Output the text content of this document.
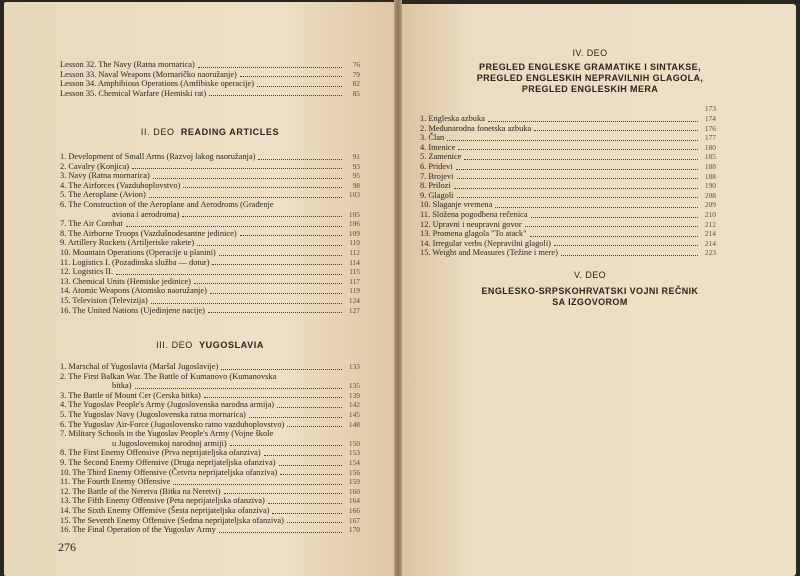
Lesson 32. The Navy (Ratna mornarica)	76
Lesson 33. Naval Weapons (Mornaričko naoružanje)	79
Lesson 34. Amphibious Operations (Amfibiske operacije)	82
Lesson 35. Chemical Warfare (Hemiski rat)	85
II. DEO READING ARTICLES
1. Development of Small Arms (Razvoj lakog naoružanja)	91
2. Cavalry (Konjica)	93
3. Navy (Ratna mornarica)	95
4. The Airforces (Vazduhoplovstvo)	98
5. The Aeroplane (Avion)	103
6. The Construction of the Aeroplane and Aerodroms (Građenje
aviona i aerodroma)	105
7. The Air Combat	106
8. The Airborne Troops (Vazdušnodesantne jedinice)	109
9. Artillery Rockets (Artiljeriske rakete)	110
10. Mountain Operations (Operacije u planini)	112
11. Logistics I. (Pozadinska služba — dotur)	114
12. Logistics II.	115
13. Chemical Units (Hemiske jedinice)	117
14. Atomic Weapons (Atomsko naoružanje)	119
15. Television (Televizija)	124
16. The United Nations (Ujedinjene nacije)	127
III. DEO YUGOSLAVIA
1. Marschal of Yugoslavia (Maršal Jugoslavije)	133
2. The First Balkan War. The Battle of Kumanovo (Kumanovska
bitka)	135
3. The Battle of Mount Cer (Cerska bitka)	139
4. The Yugoslav People's Army (Jugoslovenska narodna armija)	142
5. The Yugoslav Navy (Jugoslovenska ratna mornarica)	145
6. The Yugoslav Air-Force (Jugoslovensko ratno vazduhoplovstvo)	148
7. Military Schools in the Yugoslav People's Army (Vojne škole
u Jugoslovenskoj narodnoj armiji)	150
8. The First Enemy Offensive (Prva neprijateljska ofanziva)	153
9. The Second Enemy Offensive (Druga neprijateljska ofanziva)	154
10. The Third Enemy Offensive (Četvrta neprijateljska ofanziva)	156
11. The Fourth Enemy Offensive	159
12. The Battle of the Neretva (Bitka na Neretvi)	160
13. The Fifth Enemy Offensive (Peta neprijateljska ofanziva)	164
14. The Sixth Enemy Offensive (Šesta neprijateljska ofanziva)	166
15. The Seventh Enemy Offensive (Sedma neprijateljska ofanziva)	167
16. The Final Operation of the Yugoslav Army	170
276
IV. DEO
PREGLED ENGLESKE GRAMATIKE I SINTAKSE,
PREGLED ENGLESKIH NEPRAVILNIH GLAGOLA,
PREGLED ENGLESKIH MERA
173
1. Engleska azbuka	174
2. Međunarodna fonetska azbuka	176
3. Član	177
4. Imenice	180
5. Zamenice	185
6. Pridevi	188
7. Brojevi	188
8. Prilozi	190
9. Glagoli	208
10. Slaganje vremena	209
11. Složena pogodbena rečenica	210
12. Upravni i neupravni govor	212
13. Promena glagola "To atack"	214
14. Irregular verbs (Nepravilni glagoli)	214
15. Weight and Measures (Težine i mere)	223
V. DEO
ENGLESKO-SRPSKOHRVATSKI VOJNI REČNIK
SA IZGOVOROM
